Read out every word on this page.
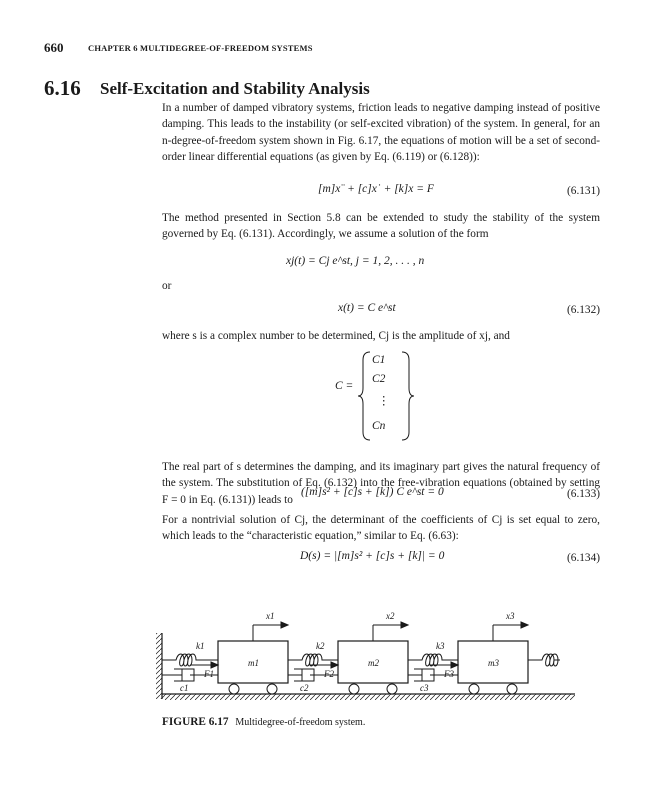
660	CHAPTER 6 MULTIDEGREE-OF-FREEDOM SYSTEMS
6.16 Self-Excitation and Stability Analysis

In a number of damped vibratory systems, friction leads to negative damping instead of positive damping. This leads to the instability (or self-excited vibration) of the system. In general, for an n-degree-of-freedom system shown in Fig. 6.17, the equations of motion will be a set of second-order linear differential equations (as given by Eq. (6.119) or (6.128)):

[m]x¨ + [c]x˙ + [k]x = F	(6.131)

The method presented in Section 5.8 can be extended to study the stability of the system governed by Eq. (6.131). Accordingly, we assume a solution of the form

xj(t) = Cj e^st, j = 1, 2, . . . , n
or
x(t) = C e^st	(6.132)

where s is a complex number to be determined, Cj is the amplitude of xj, and

C =
C1
C2
⋮
Cn

The real part of s determines the damping, and its imaginary part gives the natural frequency of the system. The substitution of Eq. (6.132) into the free-vibration equations (obtained by setting F = 0 in Eq. (6.131)) leads to

([m]s² + [c]s + [k]) C e^st = 0	(6.133)

For a nontrivial solution of Cj, the determinant of the coefficients of Cj is set equal to zero, which leads to the “characteristic equation,” similar to Eq. (6.63):

D(s) = |[m]s² + [c]s + [k]| = 0	(6.134)
k1	k2	k3
c1	c2	c3
m1	m2	m3
F1	F2	F3
x1	x2	x3
FIGURE 6.17 Multidegree-of-freedom system.
